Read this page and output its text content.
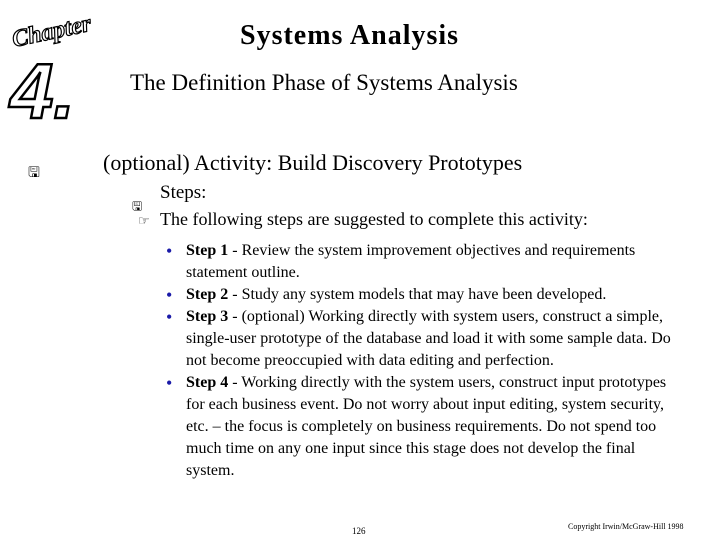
Chapter
4.
Systems Analysis
The Definition Phase of Systems Analysis
🖫	(optional) Activity: Build Discovery Prototypes
🖫
Steps:
☞ The following steps are suggested to complete this activity:
• Step 1 - Review the system improvement objectives and requirements statement outline.
• Step 2 - Study any system models that may have been developed.
• Step 3 - (optional) Working directly with system users, construct a simple, single-user prototype of the database and load it with some sample data. Do not become preoccupied with data editing and perfection.
• Step 4 - Working directly with the system users, construct input prototypes for each business event. Do not worry about input editing, system security, etc. – the focus is completely on business requirements. Do not spend too much time on any one input since this stage does not develop the final system.
126	Copyright Irwin/McGraw-Hill 1998
